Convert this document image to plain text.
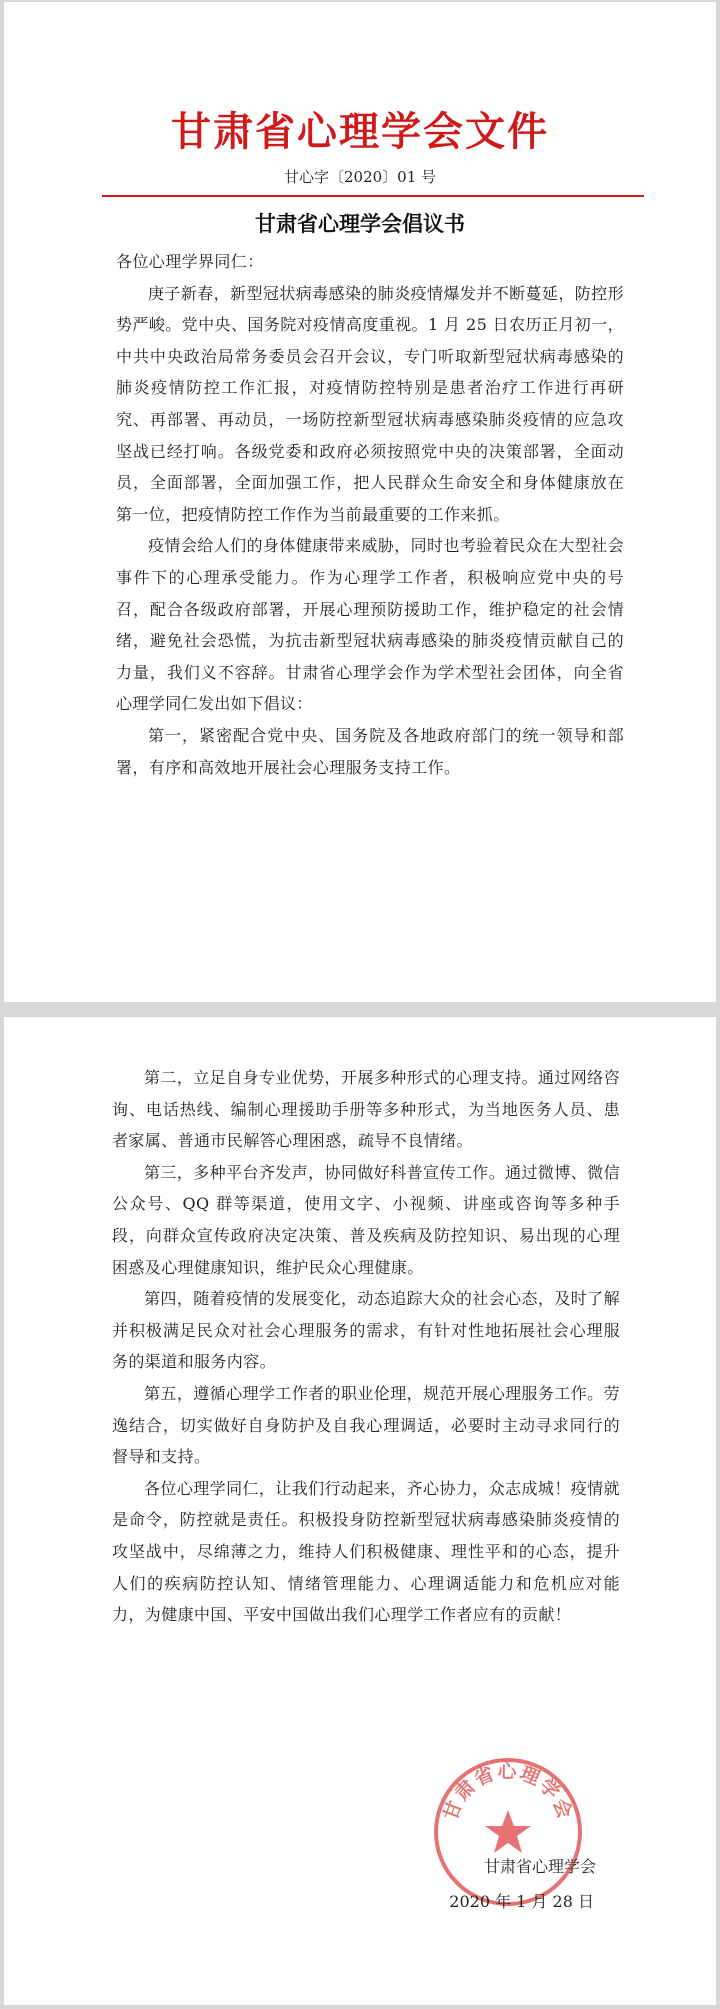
甘肃省心理学会文件
甘心字〔2020〕01 号
甘肃省心理学会倡议书

各位心理学界同仁：

庚子新春，新型冠状病毒感染的肺炎疫情爆发并不断蔓延，防控形势严峻。党中央、国务院对疫情高度重视。1 月 25 日农历正月初一，中共中央政治局常务委员会召开会议，专门听取新型冠状病毒感染的肺炎疫情防控工作汇报，对疫情防控特别是患者治疗工作进行再研究、再部署、再动员，一场防控新型冠状病毒感染肺炎疫情的应急攻坚战已经打响。各级党委和政府必须按照党中央的决策部署，全面动员，全面部署，全面加强工作，把人民群众生命安全和身体健康放在第一位，把疫情防控工作作为当前最重要的工作来抓。

疫情会给人们的身体健康带来威胁，同时也考验着民众在大型社会事件下的心理承受能力。作为心理学工作者，积极响应党中央的号召，配合各级政府部署，开展心理预防援助工作，维护稳定的社会情绪，避免社会恐慌，为抗击新型冠状病毒感染的肺炎疫情贡献自己的力量，我们义不容辞。甘肃省心理学会作为学术型社会团体，向全省心理学同仁发出如下倡议：

第一，紧密配合党中央、国务院及各地政府部门的统一领导和部署，有序和高效地开展社会心理服务支持工作。

第二，立足自身专业优势，开展多种形式的心理支持。通过网络咨询、电话热线、编制心理援助手册等多种形式，为当地医务人员、患者家属、普通市民解答心理困惑，疏导不良情绪。

第三，多种平台齐发声，协同做好科普宣传工作。通过微博、微信公众号、QQ 群等渠道，使用文字、小视频、讲座或咨询等多种手段，向群众宣传政府决定决策、普及疾病及防控知识、易出现的心理困惑及心理健康知识，维护民众心理健康。

第四，随着疫情的发展变化，动态追踪大众的社会心态，及时了解并积极满足民众对社会心理服务的需求，有针对性地拓展社会心理服务的渠道和服务内容。

第五，遵循心理学工作者的职业伦理，规范开展心理服务工作。劳逸结合，切实做好自身防护及自我心理调适，必要时主动寻求同行的督导和支持。

各位心理学同仁，让我们行动起来，齐心协力，众志成城！疫情就是命令，防控就是责任。积极投身防控新型冠状病毒感染肺炎疫情的攻坚战中，尽绵薄之力，维持人们积极健康、理性平和的心态，提升人们的疾病防控认知、情绪管理能力、心理调适能力和危机应对能力，为健康中国、平安中国做出我们心理学工作者应有的贡献！

甘肃省心理学会
甘肃省心理学会
2020 年 1 月 28 日
